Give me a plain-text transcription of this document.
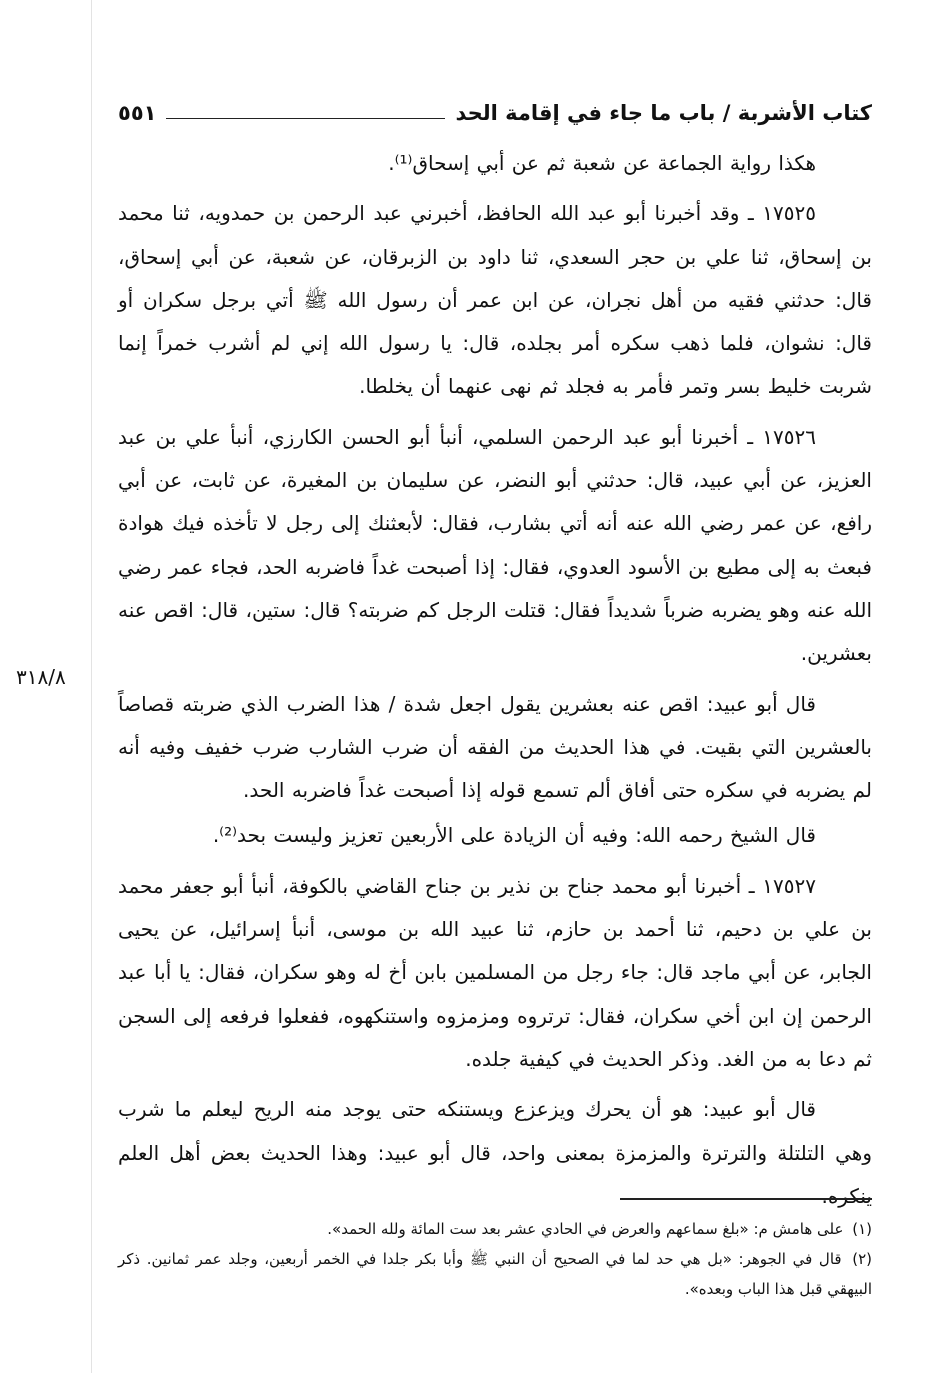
كتاب الأشربة / باب ما جاء في إقامة الحد
٥٥١

هكذا رواية الجماعة عن شعبة ثم عن أبي إسحاق⁽¹⁾.

١٧٥٢٥ ـ وقد أخبرنا أبو عبد الله الحافظ، أخبرني عبد الرحمن بن حمدويه، ثنا محمد بن إسحاق، ثنا علي بن حجر السعدي، ثنا داود بن الزبرقان، عن شعبة، عن أبي إسحاق، قال: حدثني فقيه من أهل نجران، عن ابن عمر أن رسول الله ﷺ أتي برجل سكران أو قال: نشوان، فلما ذهب سكره أمر بجلده، قال: يا رسول الله إني لم أشرب خمراً إنما شربت خليط بسر وتمر فأمر به فجلد ثم نهى عنهما أن يخلطا.

١٧٥٢٦ ـ أخبرنا أبو عبد الرحمن السلمي، أنبأ أبو الحسن الكارزي، أنبأ علي بن عبد العزيز، عن أبي عبيد، قال: حدثني أبو النضر، عن سليمان بن المغيرة، عن ثابت، عن أبي رافع، عن عمر رضي الله عنه أنه أتي بشارب، فقال: لأبعثنك إلى رجل لا تأخذه فيك هوادة فبعث به إلى مطيع بن الأسود العدوي، فقال: إذا أصبحت غداً فاضربه الحد، فجاء عمر رضي الله عنه وهو يضربه ضرباً شديداً فقال: قتلت الرجل كم ضربته؟ قال: ستين، قال: اقص عنه بعشرين.

قال أبو عبيد: اقص عنه بعشرين يقول اجعل شدة / هذا الضرب الذي ضربته قصاصاً بالعشرين التي بقيت. في هذا الحديث من الفقه أن ضرب الشارب ضرب خفيف وفيه أنه لم يضربه في سكره حتى أفاق ألم تسمع قوله إذا أصبحت غداً فاضربه الحد.

قال الشيخ رحمه الله: وفيه أن الزيادة على الأربعين تعزيز وليست بحد⁽²⁾.

١٧٥٢٧ ـ أخبرنا أبو محمد جناح بن نذير بن جناح القاضي بالكوفة، أنبأ أبو جعفر محمد بن علي بن دحيم، ثنا أحمد بن حازم، ثنا عبيد الله بن موسى، أنبأ إسرائيل، عن يحيى الجابر، عن أبي ماجد قال: جاء رجل من المسلمين بابن أخ له وهو سكران، فقال: يا أبا عبد الرحمن إن ابن أخي سكران، فقال: ترتروه ومزمزوه واستنكهوه، ففعلوا فرفعه إلى السجن ثم دعا به من الغد. وذكر الحديث في كيفية جلده.

قال أبو عبيد: هو أن يحرك ويزعزع ويستنكه حتى يوجد منه الريح ليعلم ما شرب وهي التلتلة والترترة والمزمزة بمعنى واحد، قال أبو عبيد: وهذا الحديث بعض أهل العلم ينكره.

٣١٨/٨

(١) على هامش م: «بلغ سماعهم والعرض في الحادي عشر بعد ست المائة ولله الحمد».

(٢) قال في الجوهر: «بل هي حد لما في الصحيح أن النبي ﷺ وأبا بكر جلدا في الخمر أربعين، وجلد عمر ثمانين. ذكر البيهقي قبل هذا الباب وبعده».
